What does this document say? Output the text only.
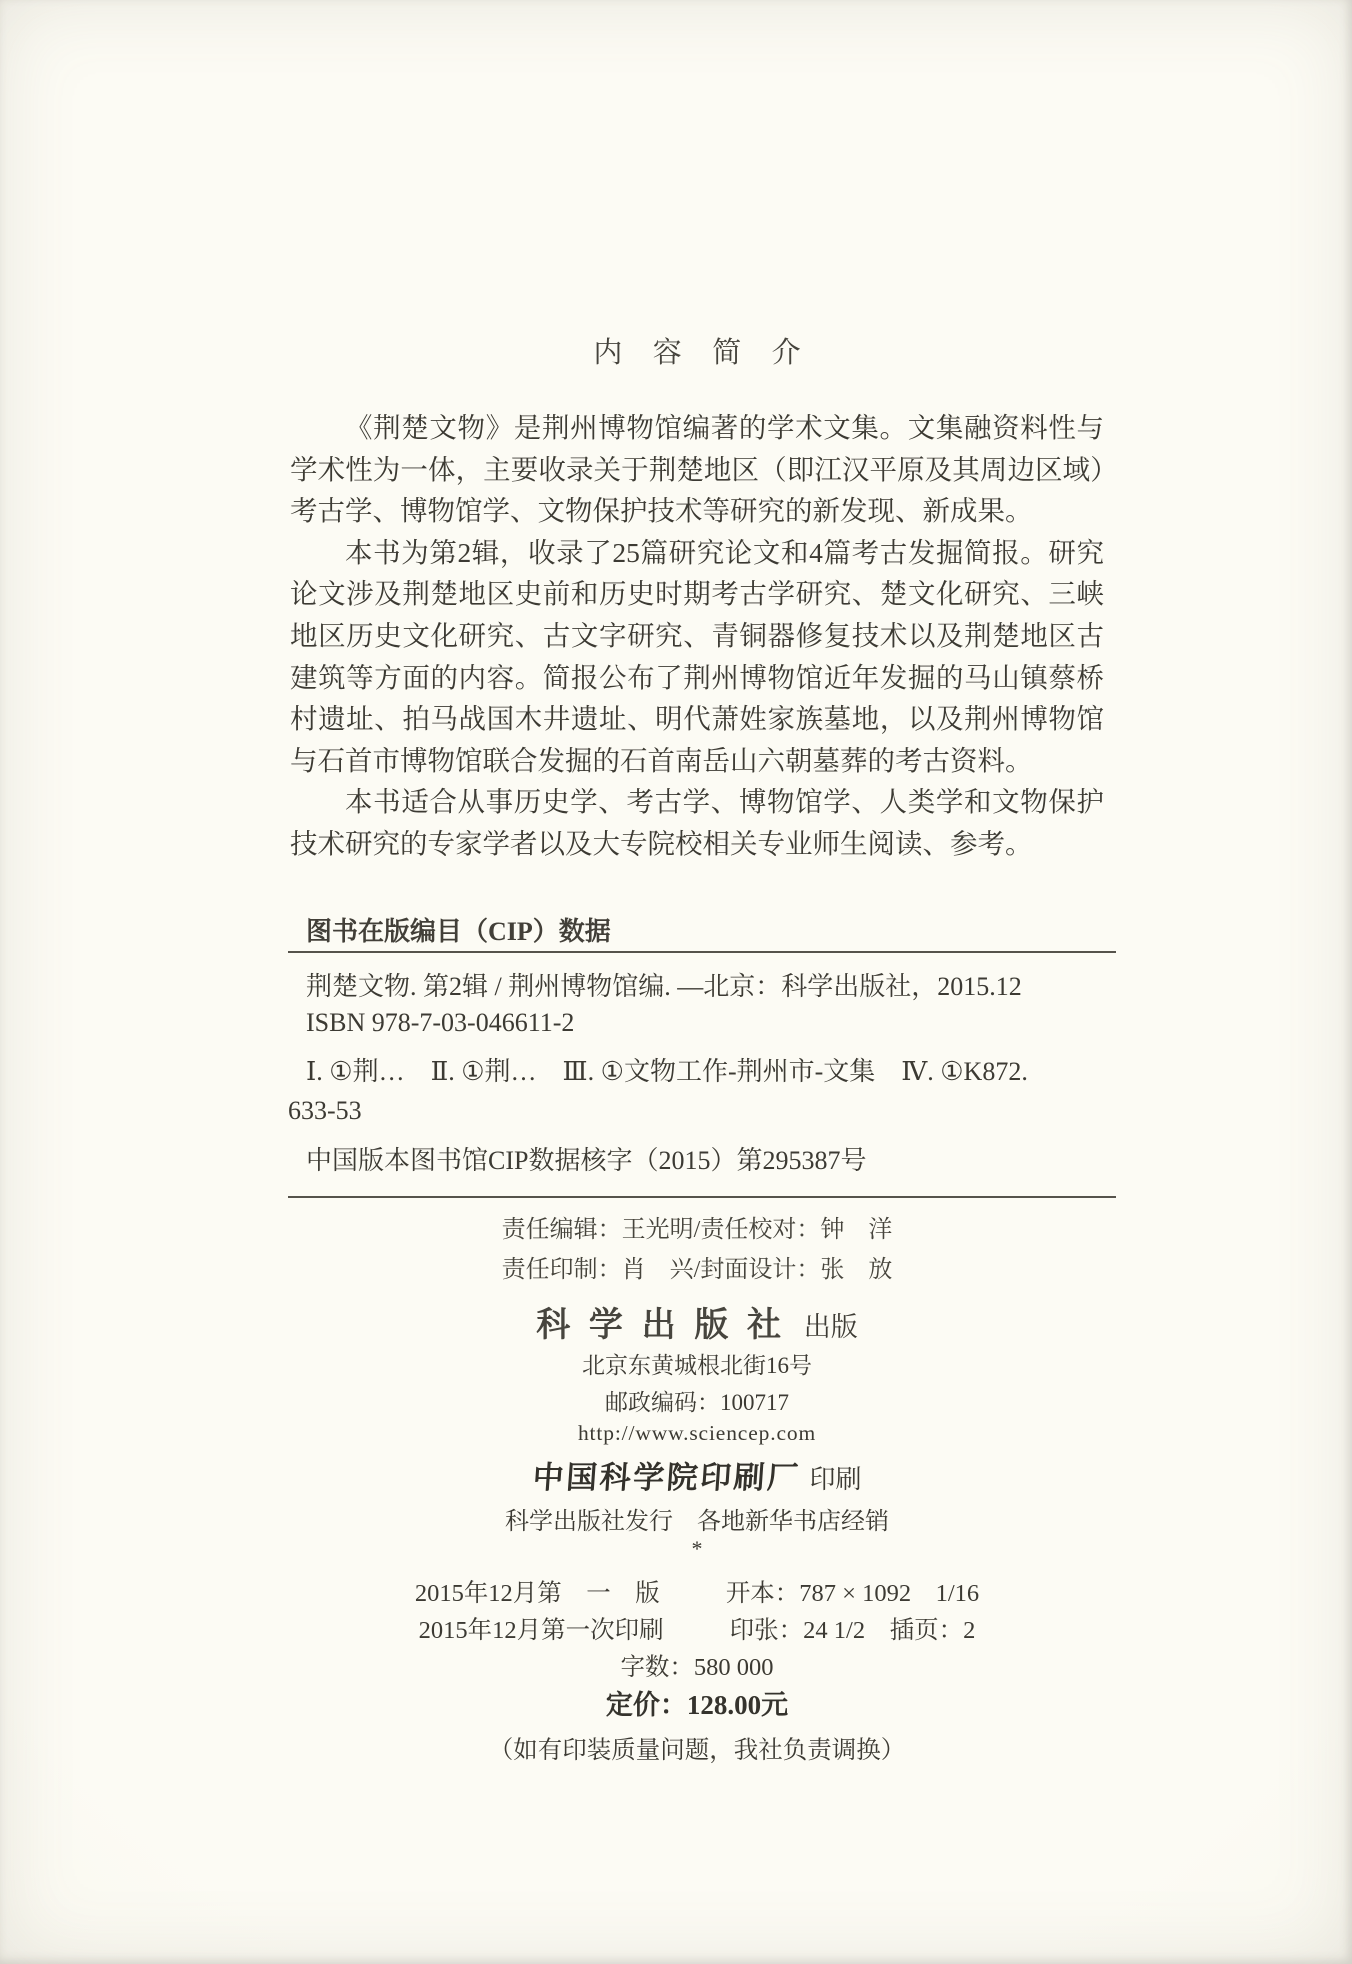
内容简介

《荆楚文物》是荆州博物馆编著的学术文集。文集融资料性与学术性为一体，主要收录关于荆楚地区（即江汉平原及其周边区域）考古学、博物馆学、文物保护技术等研究的新发现、新成果。

本书为第2辑，收录了25篇研究论文和4篇考古发掘简报。研究论文涉及荆楚地区史前和历史时期考古学研究、楚文化研究、三峡地区历史文化研究、古文字研究、青铜器修复技术以及荆楚地区古建筑等方面的内容。简报公布了荆州博物馆近年发掘的马山镇蔡桥村遗址、拍马战国木井遗址、明代萧姓家族墓地，以及荆州博物馆与石首市博物馆联合发掘的石首南岳山六朝墓葬的考古资料。

本书适合从事历史学、考古学、博物馆学、人类学和文物保护技术研究的专家学者以及大专院校相关专业师生阅读、参考。

图书在版编目（CIP）数据
荆楚文物. 第2辑 / 荆州博物馆编. —北京：科学出版社，2015.12
ISBN 978-7-03-046611-2
Ⅰ. ①荆…　Ⅱ. ①荆…　Ⅲ. ①文物工作-荆州市-文集　Ⅳ. ①K872.
633-53
中国版本图书馆CIP数据核字（2015）第295387号
责任编辑：王光明/责任校对：钟　洋
责任印制：肖　兴/封面设计：张　放
科学出版社 出版
北京东黄城根北街16号
邮政编码：100717
http://www.sciencep.com
中国科学院印刷厂 印刷
科学出版社发行　各地新华书店经销
*
2015年12月第　一　版	开本：787 × 1092　1/16
2015年12月第一次印刷	印张：24 1/2　插页：2
字数：580 000
定价：128.00元
（如有印装质量问题，我社负责调换）
